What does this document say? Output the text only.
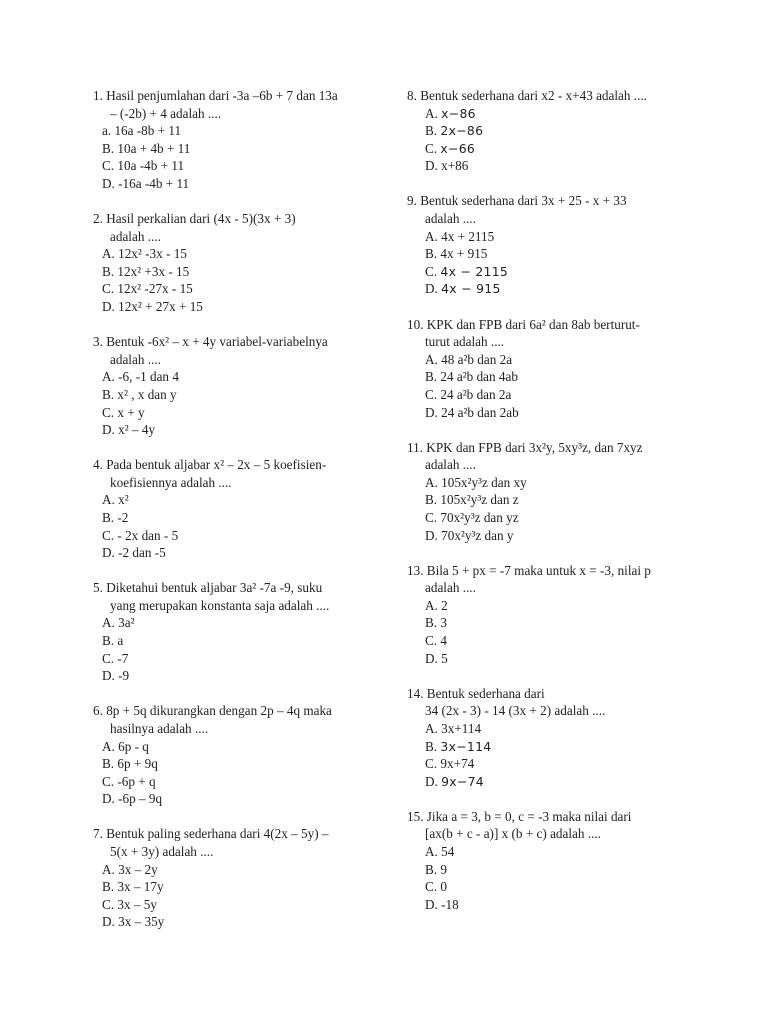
1. Hasil penjumlahan dari -3a –6b + 7 dan 13a
– (-2b) + 4 adalah ....
a. 16a -8b + 11
B. 10a + 4b + 11
C. 10a -4b + 11
D. -16a -4b + 11
2. Hasil perkalian dari (4x - 5)(3x + 3)
adalah ....
A. 12x² -3x - 15
B. 12x² +3x - 15
C. 12x² -27x - 15
D. 12x² + 27x + 15
3. Bentuk -6x² – x + 4y variabel-variabelnya
adalah ....
A. -6, -1 dan 4
B. x² , x dan y
C. x + y
D. x² – 4y
4. Pada bentuk aljabar x² – 2x – 5 koefisien-
koefisiennya adalah ....
A. x²
B. -2
C. - 2x dan - 5
D. -2 dan -5
5. Diketahui bentuk aljabar 3a² -7a -9, suku
yang merupakan konstanta saja adalah ....
A. 3a²
B. a
C. -7
D. -9
6. 8p + 5q dikurangkan dengan 2p – 4q maka
hasilnya adalah ....
A. 6p - q
B. 6p + 9q
C. -6p + q
D. -6p – 9q
7. Bentuk paling sederhana dari 4(2x – 5y) –
5(x + 3y) adalah ....
A. 3x – 2y
B. 3x – 17y
C. 3x – 5y
D. 3x – 35y
8. Bentuk sederhana dari x2 - x+43 adalah ....
A. x−86
B. 2x−86
C. x−66
D. x+86
9. Bentuk sederhana dari 3x + 25 - x + 33
adalah ....
A. 4x + 2115
B. 4x + 915
C. 4x − 2115
D. 4x − 915
10. KPK dan FPB dari 6a² dan 8ab berturut-
turut adalah ....
A. 48 a²b dan 2a
B. 24 a²b dan 4ab
C. 24 a²b dan 2a
D. 24 a²b dan 2ab
11. KPK dan FPB dari 3x²y, 5xy³z, dan 7xyz
adalah ....
A. 105x²y³z dan xy
B. 105x²y³z dan z
C. 70x²y³z dan yz
D. 70x²y³z dan y
13. Bila 5 + px = -7 maka untuk x = -3, nilai p
adalah ....
A. 2
B. 3
C. 4
D. 5
14. Bentuk sederhana dari
34 (2x - 3) - 14 (3x + 2) adalah ....
A. 3x+114
B. 3x−114
C. 9x+74
D. 9x−74
15. Jika a = 3, b = 0, c = -3 maka nilai dari
[ax(b + c - a)] x (b + c) adalah ....
A. 54
B. 9
C. 0
D. -18
